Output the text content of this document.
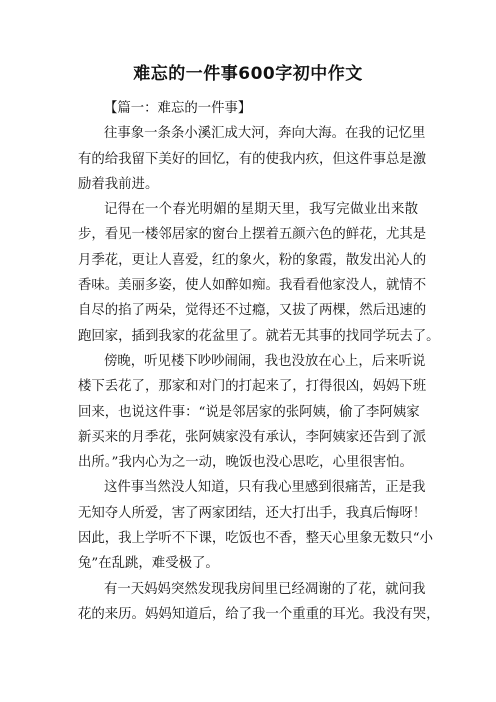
难忘的一件事600字初中作文

【篇一：难忘的一件事】

往事象一条条小溪汇成大河，奔向大海。在我的记忆里
有的给我留下美好的回忆，有的使我内疚，但这件事总是激
励着我前进。
记得在一个春光明媚的星期天里，我写完做业出来散
步，看见一楼邻居家的窗台上摆着五颜六色的鲜花，尤其是
月季花，更让人喜爱，红的象火，粉的象霞，散发出沁人的
香味。美丽多姿，使人如醉如痴。我看看他家没人，就情不
自尽的掐了两朵，觉得还不过瘾，又拔了两棵，然后迅速的
跑回家，插到我家的花盆里了。就若无其事的找同学玩去了。
傍晚，听见楼下吵吵闹闹，我也没放在心上，后来听说
楼下丢花了，那家和对门的打起来了，打得很凶，妈妈下班
回来，也说这件事：“说是邻居家的张阿姨，偷了李阿姨家
新买来的月季花，张阿姨家没有承认，李阿姨家还告到了派
出所。”我内心为之一动，晚饭也没心思吃，心里很害怕。
这件事当然没人知道，只有我心里感到很痛苦，正是我
无知夺人所爱，害了两家团结，还大打出手，我真后悔呀！
因此，我上学听不下课，吃饭也不香，整天心里象无数只“小
兔”在乱跳，难受极了。
有一天妈妈突然发现我房间里已经凋谢的了花，就问我
花的来历。妈妈知道后，给了我一个重重的耳光。我没有哭，
